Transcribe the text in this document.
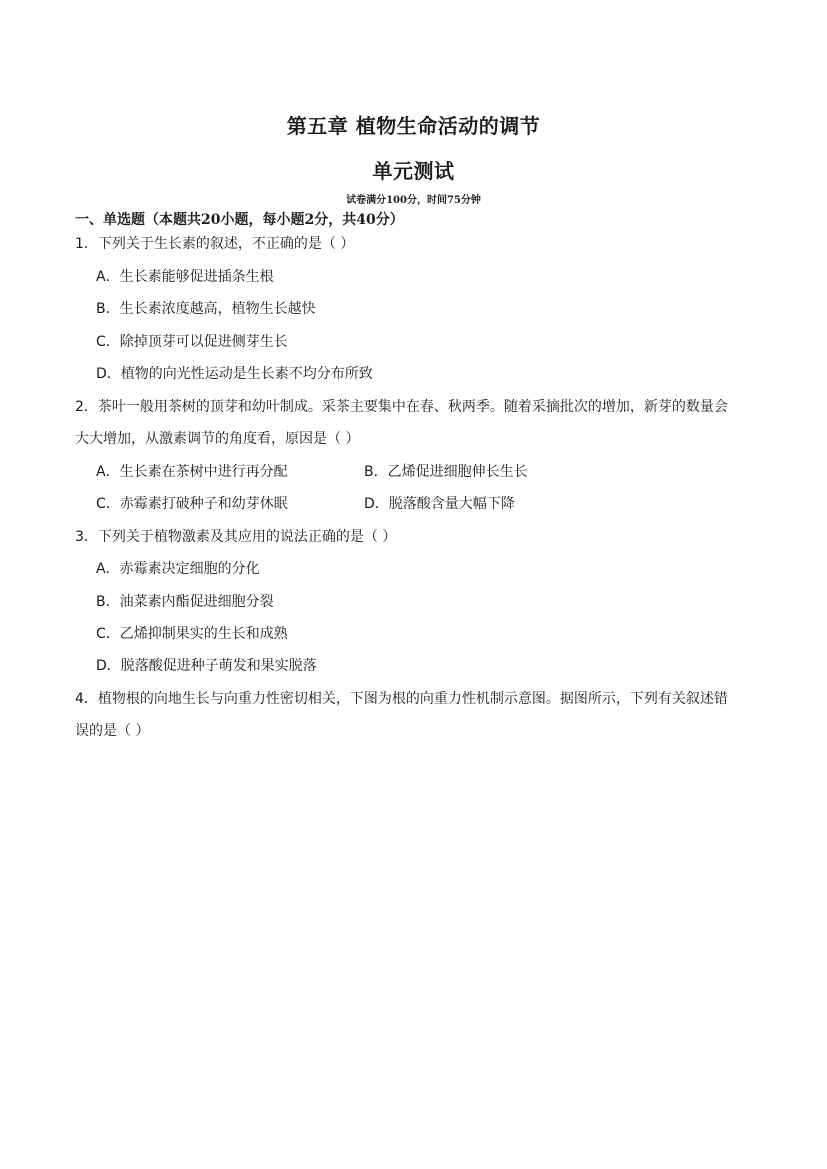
第五章 植物生命活动的调节
单元测试
试卷满分100分，时间75分钟
一、单选题（本题共20小题，每小题2分，共40分）
1．下列关于生长素的叙述，不正确的是（ ）
A．生长素能够促进插条生根
B．生长素浓度越高，植物生长越快
C．除掉顶芽可以促进侧芽生长
D．植物的向光性运动是生长素不均分布所致
2．茶叶一般用茶树的顶芽和幼叶制成。采茶主要集中在春、秋两季。随着采摘批次的增加，新芽的数量会
大大增加，从激素调节的角度看，原因是（ ）
A．生长素在茶树中进行再分配	B．乙烯促进细胞伸长生长
C．赤霉素打破种子和幼芽休眠	D．脱落酸含量大幅下降
3．下列关于植物激素及其应用的说法正确的是（ ）
A．赤霉素决定细胞的分化
B．油菜素内酯促进细胞分裂
C．乙烯抑制果实的生长和成熟
D．脱落酸促进种子萌发和果实脱落
4．植物根的向地生长与向重力性密切相关，下图为根的向重力性机制示意图。据图所示，下列有关叙述错
误的是（ ）
